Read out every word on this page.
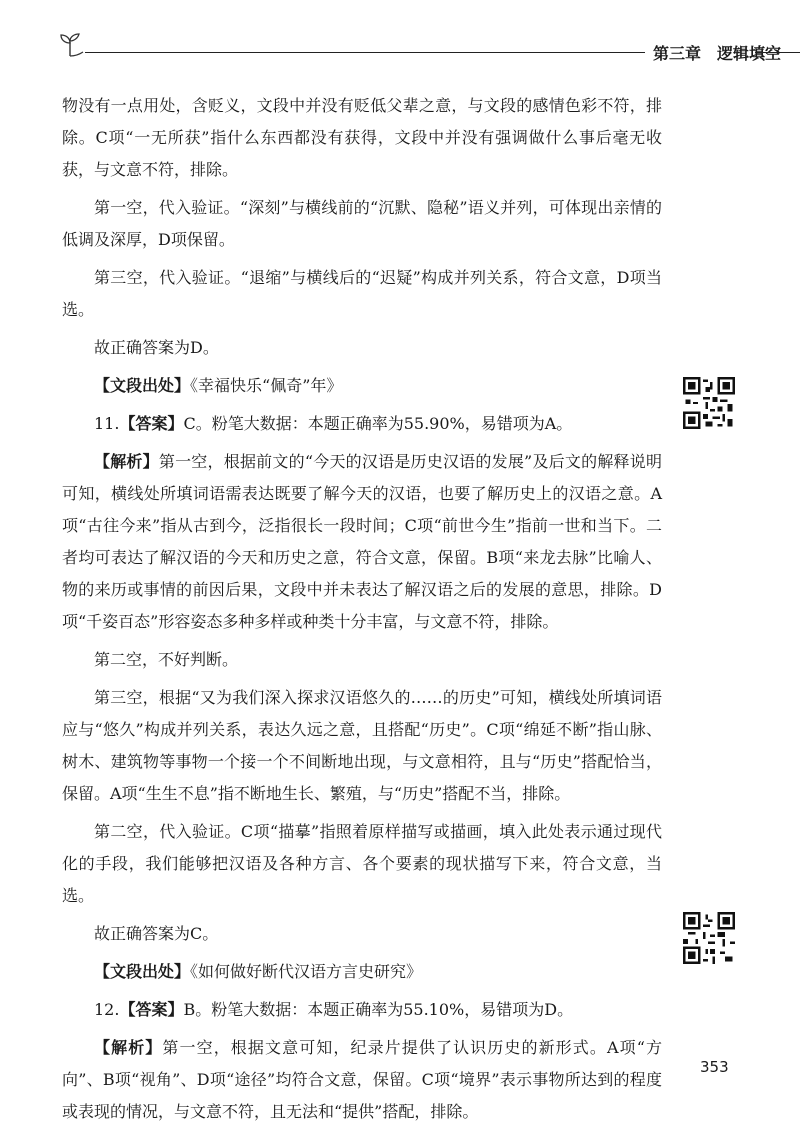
第三章 逻辑填空

物没有一点用处，含贬义，文段中并没有贬低父辈之意，与文段的感情色彩不符，排除。C项“一无所获”指什么东西都没有获得，文段中并没有强调做什么事后毫无收获，与文意不符，排除。

第一空，代入验证。“深刻”与横线前的“沉默、隐秘”语义并列，可体现出亲情的低调及深厚，D项保留。

第三空，代入验证。“退缩”与横线后的“迟疑”构成并列关系，符合文意，D项当选。

故正确答案为D。

【文段出处】《幸福快乐“佩奇”年》

11.【答案】C。粉笔大数据：本题正确率为55.90%，易错项为A。

【解析】第一空，根据前文的“今天的汉语是历史汉语的发展”及后文的解释说明可知，横线处所填词语需表达既要了解今天的汉语，也要了解历史上的汉语之意。A项“古往今来”指从古到今，泛指很长一段时间；C项“前世今生”指前一世和当下。二者均可表达了解汉语的今天和历史之意，符合文意，保留。B项“来龙去脉”比喻人、物的来历或事情的前因后果，文段中并未表达了解汉语之后的发展的意思，排除。D项“千姿百态”形容姿态多种多样或种类十分丰富，与文意不符，排除。

第二空，不好判断。

第三空，根据“又为我们深入探求汉语悠久的……的历史”可知，横线处所填词语应与“悠久”构成并列关系，表达久远之意，且搭配“历史”。C项“绵延不断”指山脉、树木、建筑物等事物一个接一个不间断地出现，与文意相符，且与“历史”搭配恰当，保留。A项“生生不息”指不断地生长、繁殖，与“历史”搭配不当，排除。

第二空，代入验证。C项“描摹”指照着原样描写或描画，填入此处表示通过现代化的手段，我们能够把汉语及各种方言、各个要素的现状描写下来，符合文意，当选。

故正确答案为C。

【文段出处】《如何做好断代汉语方言史研究》

12.【答案】B。粉笔大数据：本题正确率为55.10%，易错项为D。

【解析】第一空，根据文意可知，纪录片提供了认识历史的新形式。A项“方向”、B项“视角”、D项“途径”均符合文意，保留。C项“境界”表示事物所达到的程度或表现的情况，与文意不符，且无法和“提供”搭配，排除。

353
